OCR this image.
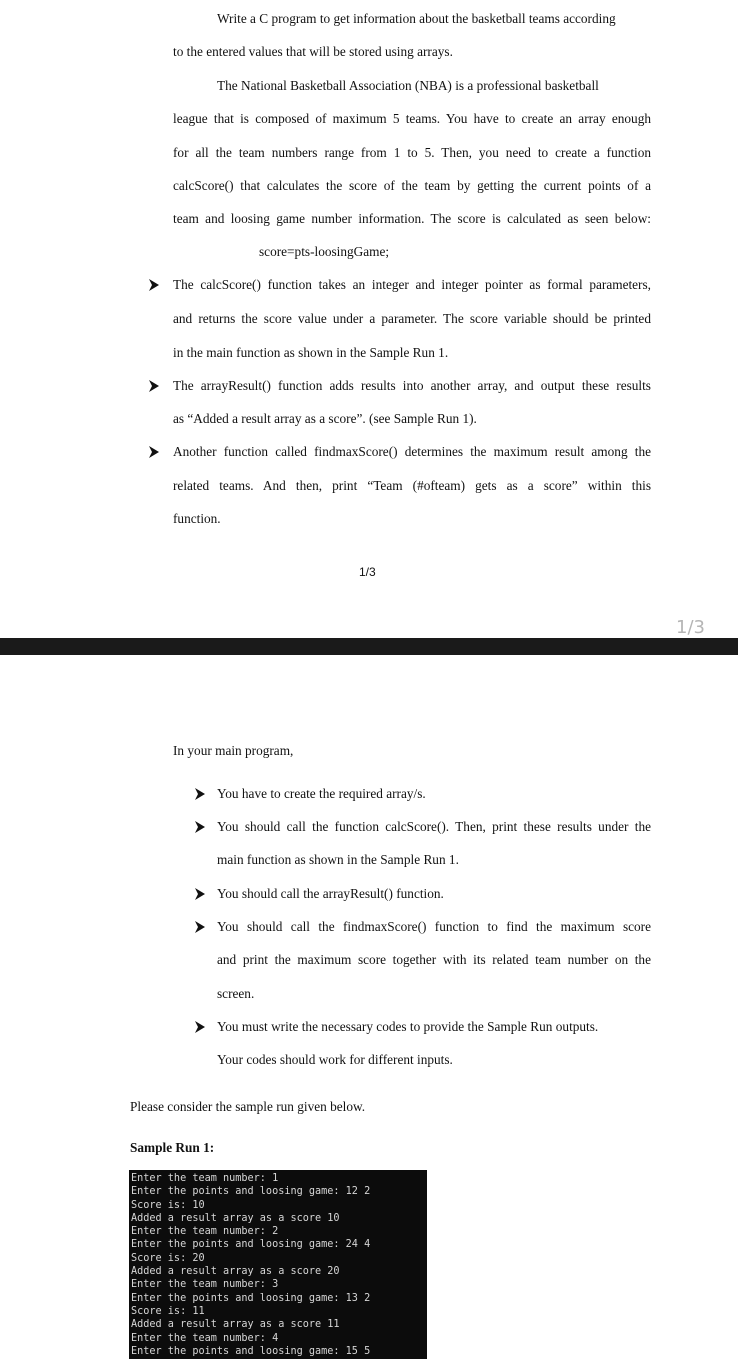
Write a C program to get information about the basketball teams according
to the entered values that will be stored using arrays.
The National Basketball Association (NBA) is a professional basketball
league that is composed of maximum 5 teams. You have to create an array enough
for all the team numbers range from 1 to 5. Then, you need to create a function
calcScore() that calculates the score of the team by getting the current points of a
team and loosing game number information. The score is calculated as seen below:
score=pts-loosingGame;
The calcScore() function takes an integer and integer pointer as formal parameters,
and returns the score value under a parameter. The score variable should be printed
in the main function as shown in the Sample Run 1.
The arrayResult() function adds results into another array, and output these results
as “Added a result array as a score”. (see Sample Run 1).
Another function called findmaxScore() determines the maximum result among the
related teams. And then, print “Team (#ofteam) gets as a score” within this
function.
1/3
1/3
In your main program,
You have to create the required array/s.
You should call the function calcScore(). Then, print these results under the
main function as shown in the Sample Run 1.
You should call the arrayResult() function.
You should call the findmaxScore() function to find the maximum score
and print the maximum score together with its related team number on the
screen.
You must write the necessary codes to provide the Sample Run outputs.
Your codes should work for different inputs.
Please consider the sample run given below.
Sample Run 1:
Enter the team number: 1
Enter the points and loosing game: 12 2
Score is: 10
Added a result array as a score 10
Enter the team number: 2
Enter the points and loosing game: 24 4
Score is: 20
Added a result array as a score 20
Enter the team number: 3
Enter the points and loosing game: 13 2
Score is: 11
Added a result array as a score 11
Enter the team number: 4
Enter the points and loosing game: 15 5
